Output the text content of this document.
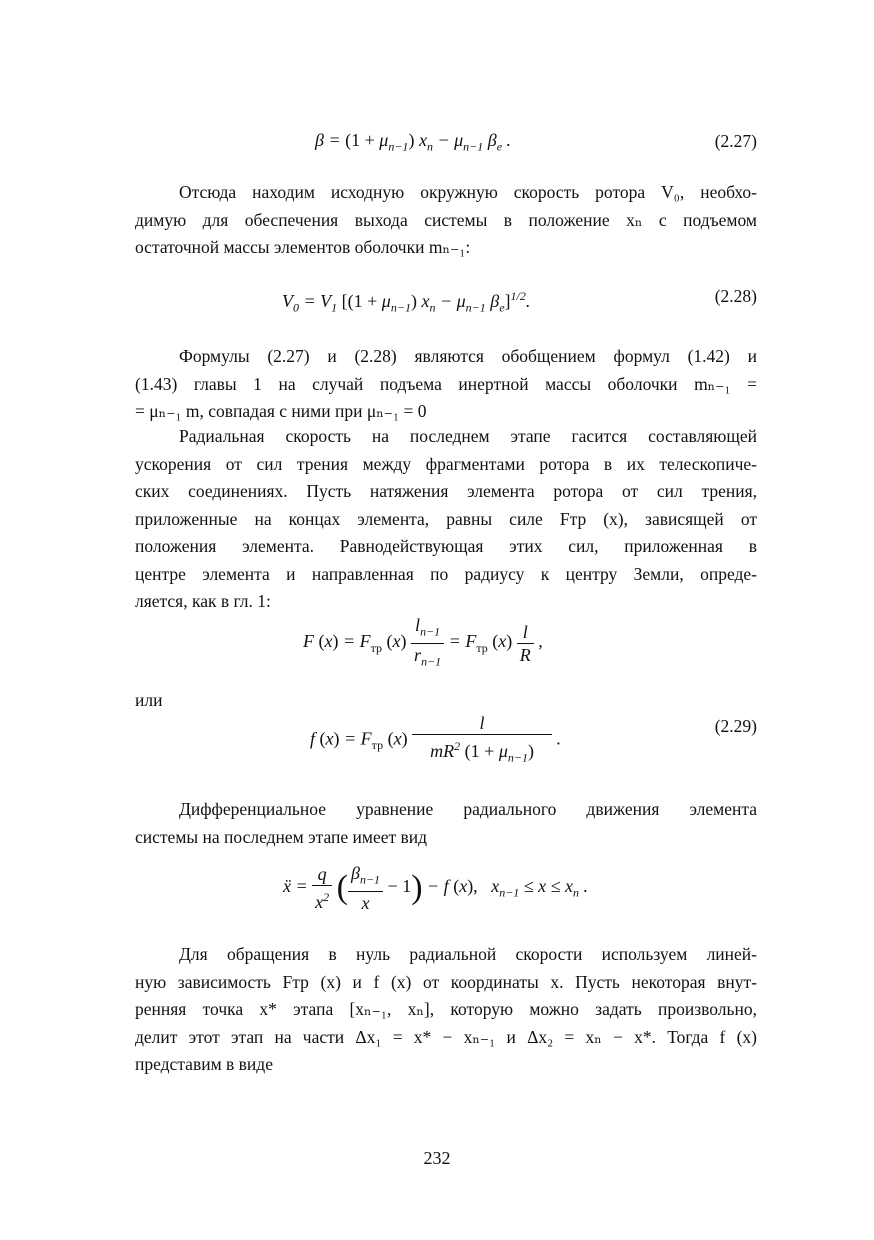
$\beta = (1 + \mu_{n-1})$ $x_n - \mu_{n-1}$ $\beta_e$ .	(2.27)
Отсюда находим исходную окружную скорость ротора V₀, необхо-
димую для обеспечения выхода системы в положение xₙ с подъемом
остаточной массы элементов оболочки mₙ₋₁:
$V_0 = V_1$ [$(1 + \mu_{n-1})$ $x_n - \mu_{n-1}$ $\beta_e]^{1/2}$.	(2.28)
Формулы (2.27) и (2.28) являются обобщением формул (1.42) и
(1.43) главы 1 на случай подъема инертной массы оболочки mₙ₋₁ =
= μₙ₋₁ m, совпадая с ними при μₙ₋₁ = 0
Радиальная скорость на последнем этапе гасится составляющей
ускорения от сил трения между фрагментами ротора в их телескопиче-
ских соединениях. Пусть натяжения элемента ротора от сил трения,
приложенные на концах элемента, равны силе Fтр (x), зависящей от
положения элемента. Равнодействующая этих сил, приложенная в
центре элемента и направленная по радиусу к центру Земли, опреде-
ляется, как в гл. 1:
F $(x) = F_{тр}$ $(x) \frac{l_{n-1}}{r_{n-1}} = F_{тр}$ $(x) \frac{l}{R}$ ,
или
f $(x) = F_{тр}$ $(x) \frac{l}{mR^2 (1 + \mu_{n-1})}$ .
(2.29)
Дифференциальное уравнение радиального движения элемента
системы на последнем этапе имеет вид
ẍ = $\frac{q}{x^2}$ ( $\frac{\beta_{n-1}}{x} - 1) - f$ (x),   $x_{n-1} \le x \le x_n$ .
Для обращения в нуль радиальной скорости используем линей-
ную зависимость Fтр (x) и f (x) от координаты x. Пусть некоторая внут-
ренняя точка x* этапа [xₙ₋₁, xₙ], которую можно задать произвольно,
делит этот этап на части Δx₁ = x* − xₙ₋₁ и Δx₂ = xₙ − x*. Тогда f (x)
представим в виде
232
